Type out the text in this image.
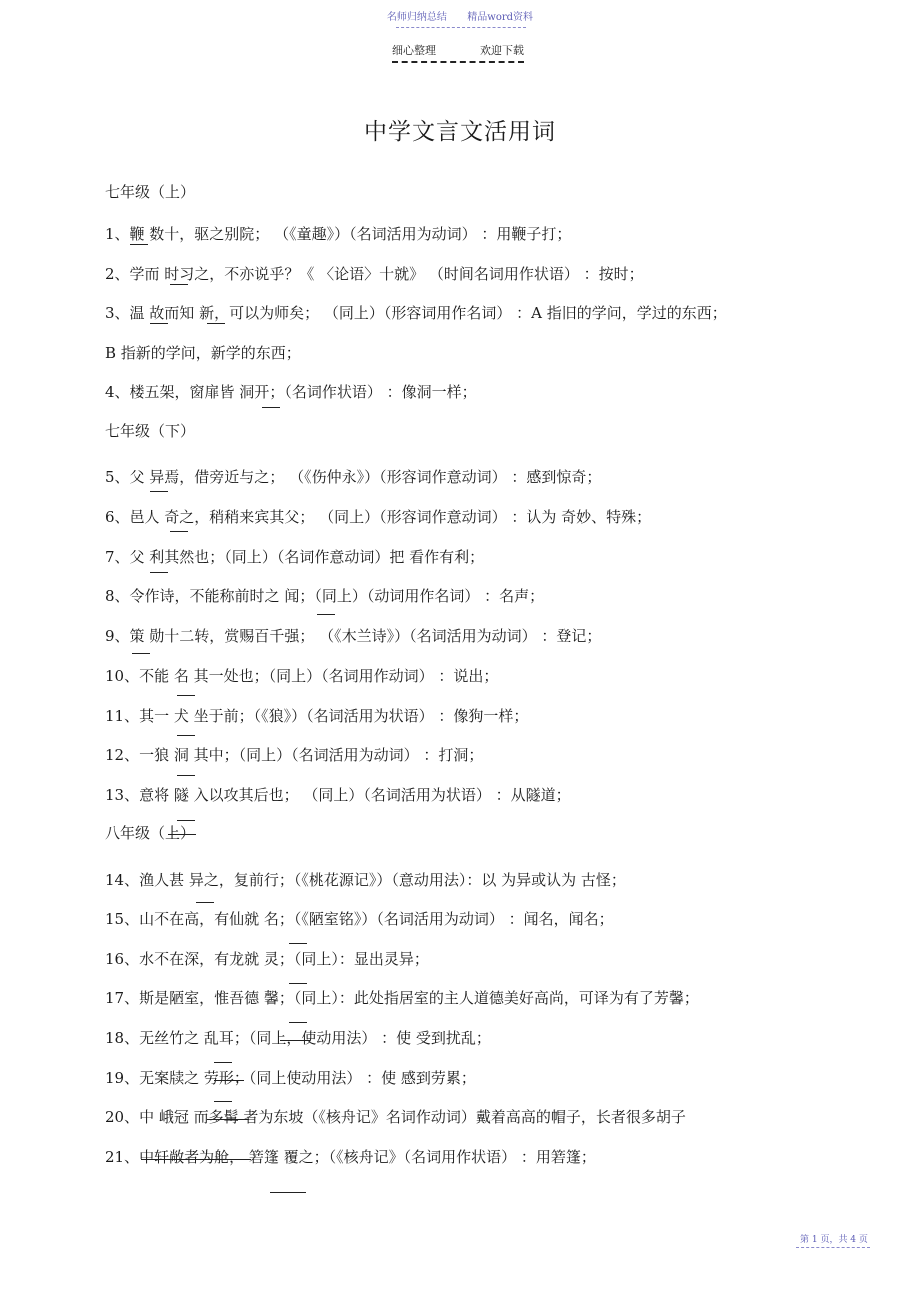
名师归纳总结 精品word资料
细心整理	欢迎下载
中学文言文活用词
七年级（上）
1、鞭 数十，驱之别院； （《童趣》）（名词活用为动词） ：用鞭子打；
2、学而 时习之，不亦说乎？《 〈论语〉十就》 （时间名词用作状语） ：按时；
3、温 故而知 新，可以为师矣； （同上）（形容词用作名词） ：A 指旧的学问，学过的东西；
B 指新的学问，新学的东西；
4、楼五架，窗扉皆 洞开；（名词作状语） ：像洞一样；
七年级（下）
5、父 异焉，借旁近与之； （《伤仲永》）（形容词作意动词） ：感到惊奇；
6、邑人 奇之，稍稍来宾其父； （同上）（形容词作意动词） ：认为 奇妙、特殊；
7、父 利其然也；（同上）（名词作意动词）把 看作有利；
8、令作诗，不能称前时之 闻；（同上）（动词用作名词） ：名声；
9、策 勋十二转，赏赐百千强； （《木兰诗》）（名词活用为动词） ：登记；
10、不能 名 其一处也；（同上）（名词用作动词） ：说出；
11、其一 犬 坐于前；（《狼》）（名词活用为状语） ：像狗一样；
12、一狼 洞 其中；（同上）（名词活用为动词） ：打洞；
13、意将 隧 入以攻其后也； （同上）（名词活用为状语） ：从隧道；
八年级（上）
14、渔人甚 异之，复前行；（《桃花源记》）（意动用法）：以 为异或认为 古怪；
15、山不在高，有仙就 名；（《陋室铭》）（名词活用为动词） ：闻名，闻名；
16、水不在深，有龙就 灵；（同上）：显出灵异；
17、斯是陋室，惟吾德 馨；（同上）：此处指居室的主人道德美好高尚，可译为有了芳馨；
18、无丝竹之 乱耳；（同上，使动用法） ：使 受到扰乱；
19、无案牍之 劳形；（同上使动用法） ：使 感到劳累；
20、中 峨冠 而多髯 者为东坡（《核舟记》名词作动词）戴着高高的帽子，长者很多胡子
21、中轩敞者为舱， 箬篷 覆之；（《核舟记》（名词用作状语） ：用箬篷；
第 1 页，共 4 页
